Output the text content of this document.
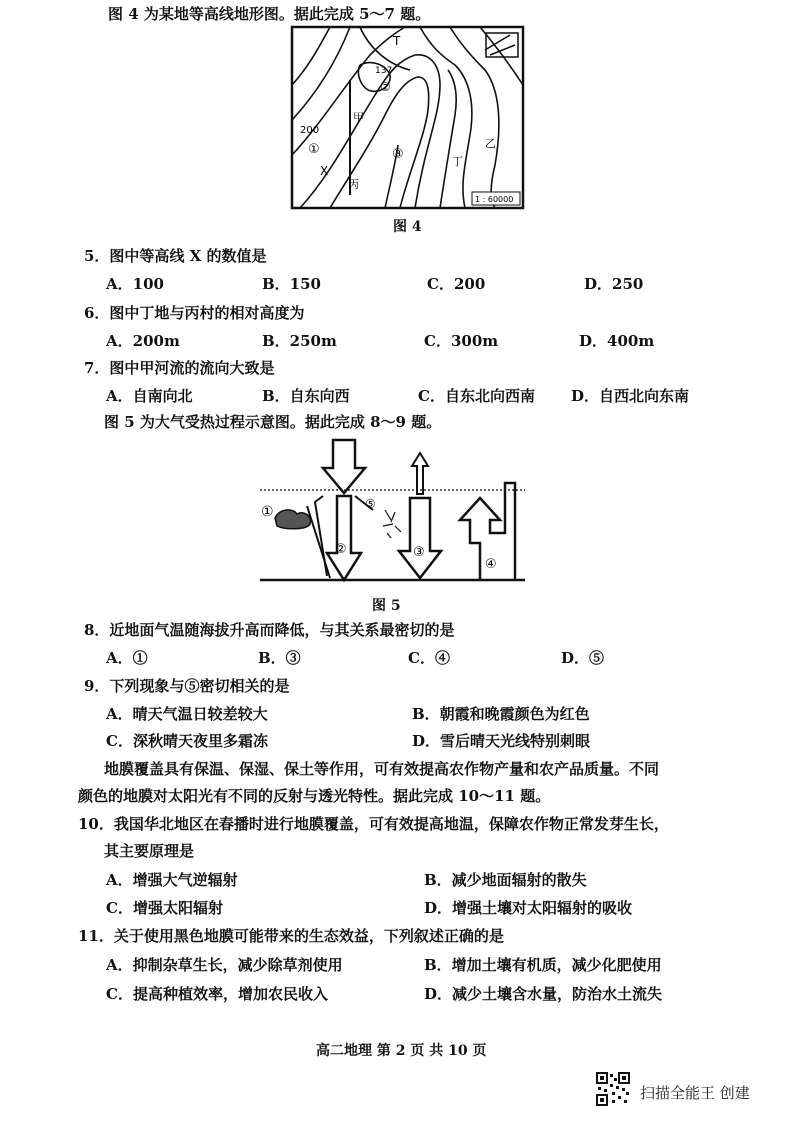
图 4 为某地等高线地形图。据此完成 5～7 题。
T
137
②
200
①
X
甲
③	丁
乙
丙
1 : 60000
图 4
5．图中等高线 X 的数值是
A．100	B．150	C．200	D．250
6．图中丁地与丙村的相对高度为
A．200m	B．250m	C．300m	D．400m
7．图中甲河流的流向大致是
A．自南向北	B．自东向西	C．自东北向西南 D．自西北向东南
图 5 为大气受热过程示意图。据此完成 8～9 题。
①
②	③
④
⑤
图 5
8．近地面气温随海拔升高而降低，与其关系最密切的是
A．①	B．③	C．④	D．⑤
9．下列现象与⑤密切相关的是
A．晴天气温日较差较大	B．朝霞和晚霞颜色为红色
C．深秋晴天夜里多霜冻	D．雪后晴天光线特别刺眼
地膜覆盖具有保温、保湿、保土等作用，可有效提高农作物产量和农产品质量。不同
颜色的地膜对太阳光有不同的反射与透光特性。据此完成 10～11 题。
10．我国华北地区在春播时进行地膜覆盖，可有效提高地温，保障农作物正常发芽生长，
其主要原理是
A．增强大气逆辐射	B．减少地面辐射的散失
C．增强太阳辐射	D．增强土壤对太阳辐射的吸收
11．关于使用黑色地膜可能带来的生态效益，下列叙述正确的是
A．抑制杂草生长，减少除草剂使用	B．增加土壤有机质，减少化肥使用
C．提高种植效率，增加农民收入	D．减少土壤含水量，防治水土流失
高二地理 第 2 页 共 10 页
扫描全能王 创建
